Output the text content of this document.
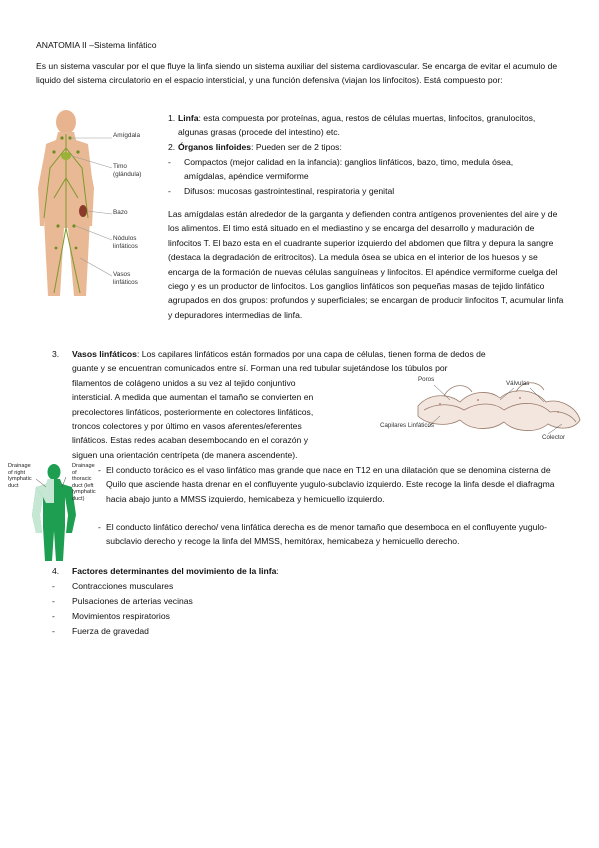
ANATOMIA II –Sistema linfático
Es un sistema vascular por el que fluye la linfa siendo un sistema auxiliar del sistema cardiovascular. Se encarga de evitar el acumulo de liquido del sistema circulatorio en el espacio intersticial, y una función defensiva (viajan los linfocitos). Está compuesto por:
Amígdala
Timo (glándula)
Bazo
Nódulos linfáticos
Vasos linfáticos
1. Linfa: esta compuesta por proteínas, agua, restos de células muertas, linfocitos, granulocitos, algunas grasas (procede del intestino) etc.
2. Órganos linfoides: Pueden ser de 2 tipos:
- Compactos (mejor calidad en la infancia): ganglios linfáticos, bazo, timo, medula ósea, amígdalas, apéndice vermiforme
- Difusos: mucosas gastrointestinal, respiratoria y genital
Las amígdalas están alrededor de la garganta y defienden contra antígenos provenientes del aire y de los alimentos. El timo está situado en el mediastino y se encarga del desarrollo y maduración de linfocitos T. El bazo esta en el cuadrante superior izquierdo del abdomen que filtra y depura la sangre (destaca la degradación de eritrocitos). La medula ósea se ubica en el interior de los huesos y se encarga de la formación de nuevas células sanguíneas y linfocitos. El apéndice vermiforme cuelga del ciego y es un productor de linfocitos. Los ganglios linfáticos son pequeñas masas de tejido linfático agrupados en dos grupos: profundos y superficiales; se encargan de producir linfocitos T, acumular linfa y depuradores intermedias de linfa.
3. Vasos linfáticos: Los capilares linfáticos están formados por una capa de células, tienen forma de dedos de
guante y se encuentran comunicados entre sí. Forman una red tubular sujetándose los túbulos por
filamentos de colágeno unidos a su vez al tejido conjuntivo
intersticial. A medida que aumentan el tamaño se convierten en
precolectores linfáticos, posteriormente en colectores linfáticos,
troncos colectores y por último en vasos aferentes/eferentes
linfáticos. Estas redes acaban desembocando en el corazón y
siguen una orientación centrípeta (de manera ascendente).
Poros
Válvulas
Capilares Linfáticos
Colector
Drainage
of right
lymphatic
duct
Drainage
of
thoracic
duct (left
lymphatic
duct)
- El conducto torácico es el vaso linfático mas grande que nace en T12 en una dilatación que se denomina cisterna de Quilo que asciende hasta drenar en el confluyente yugulo-subclavio izquierdo. Este recoge la linfa desde el diafragma hacia abajo junto a MMSS izquierdo, hemicabeza y hemicuello izquierdo.
- El conducto linfático derecho/ vena linfática derecha es de menor tamaño que desemboca en el confluyente yugulo-subclavio derecho y recoge la linfa del MMSS, hemitórax, hemicabeza y hemicuello derecho.
4. Factores determinantes del movimiento de la linfa:
- Contracciones musculares
- Pulsaciones de arterias vecinas
- Movimientos respiratorios
- Fuerza de gravedad
